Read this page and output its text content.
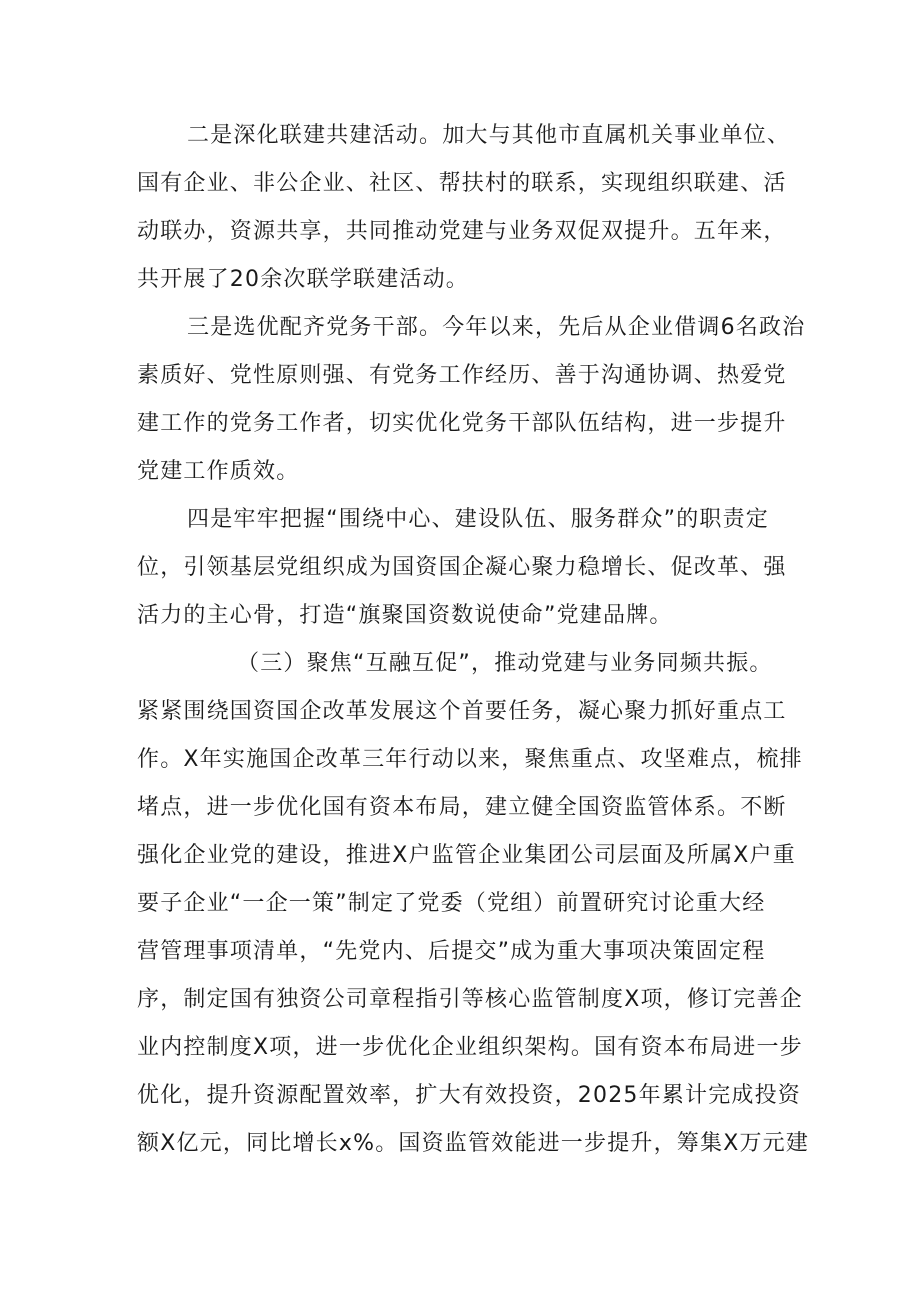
二是深化联建共建活动。加大与其他市直属机关事业单位、
国有企业、非公企业、社区、帮扶村的联系，实现组织联建、活
动联办，资源共享，共同推动党建与业务双促双提升。五年来，
共开展了20余次联学联建活动。
三是选优配齐党务干部。今年以来，先后从企业借调6名政治
素质好、党性原则强、有党务工作经历、善于沟通协调、热爱党
建工作的党务工作者，切实优化党务干部队伍结构，进一步提升
党建工作质效。
四是牢牢把握“围绕中心、建设队伍、服务群众”的职责定
位，引领基层党组织成为国资国企凝心聚力稳增长、促改革、强
活力的主心骨，打造“旗聚国资数说使命”党建品牌。
（三）聚焦“互融互促”，推动党建与业务同频共振。
紧紧围绕国资国企改革发展这个首要任务，凝心聚力抓好重点工
作。X年实施国企改革三年行动以来，聚焦重点、攻坚难点，梳排
堵点，进一步优化国有资本布局，建立健全国资监管体系。不断
强化企业党的建设，推进X户监管企业集团公司层面及所属X户重
要子企业“一企一策”制定了党委（党组）前置研究讨论重大经
营管理事项清单，“先党内、后提交”成为重大事项决策固定程
序，制定国有独资公司章程指引等核心监管制度X项，修订完善企
业内控制度X项，进一步优化企业组织架构。国有资本布局进一步
优化，提升资源配置效率，扩大有效投资，2025年累计完成投资
额X亿元，同比增长x%。国资监管效能进一步提升，筹集X万元建
